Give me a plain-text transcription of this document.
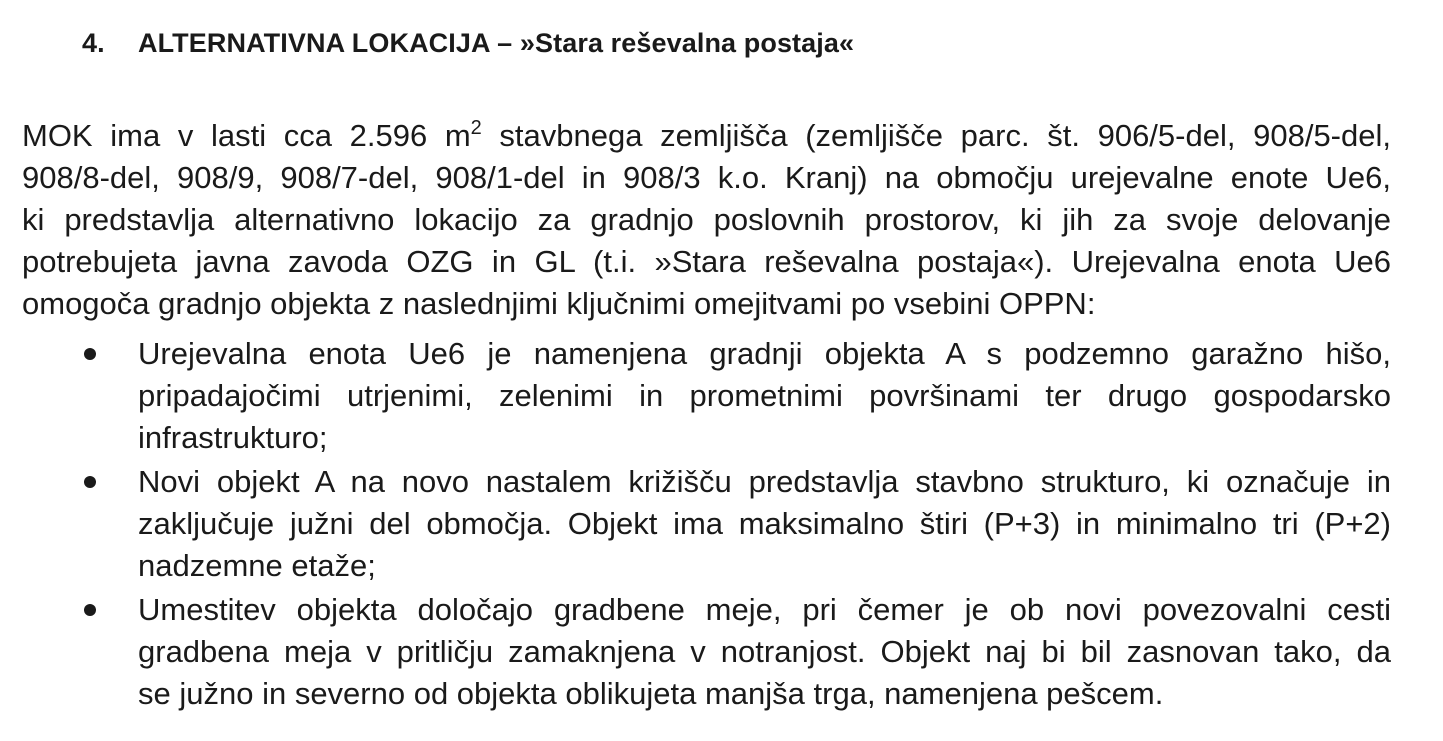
4. ALTERNATIVNA LOKACIJA – »Stara reševalna postaja«
MOK ima v lasti cca 2.596 $m^2$ stavbnega zemljišča (zemljišče parc. št. 906/5-del, 908/5-del,
908/8-del, 908/9, 908/7-del, 908/1-del in 908/3 k.o. Kranj) na območju urejevalne enote Ue6,
ki predstavlja alternativno lokacijo za gradnjo poslovnih prostorov, ki jih za svoje delovanje
potrebujeta javna zavoda OZG in GL (t.i. »Stara reševalna postaja«). Urejevalna enota Ue6
omogoča gradnjo objekta z naslednjimi ključnimi omejitvami po vsebini OPPN:
Urejevalna enota Ue6 je namenjena gradnji objekta A s podzemno garažno hišo,
pripadajočimi utrjenimi, zelenimi in prometnimi površinami ter drugo gospodarsko
infrastrukturo;
Novi objekt A na novo nastalem križišču predstavlja stavbno strukturo, ki označuje in
zaključuje južni del območja. Objekt ima maksimalno štiri (P+3) in minimalno tri (P+2)
nadzemne etaže;
Umestitev objekta določajo gradbene meje, pri čemer je ob novi povezovalni cesti
gradbena meja v pritličju zamaknjena v notranjost. Objekt naj bi bil zasnovan tako, da
se južno in severno od objekta oblikujeta manjša trga, namenjena pešcem.
